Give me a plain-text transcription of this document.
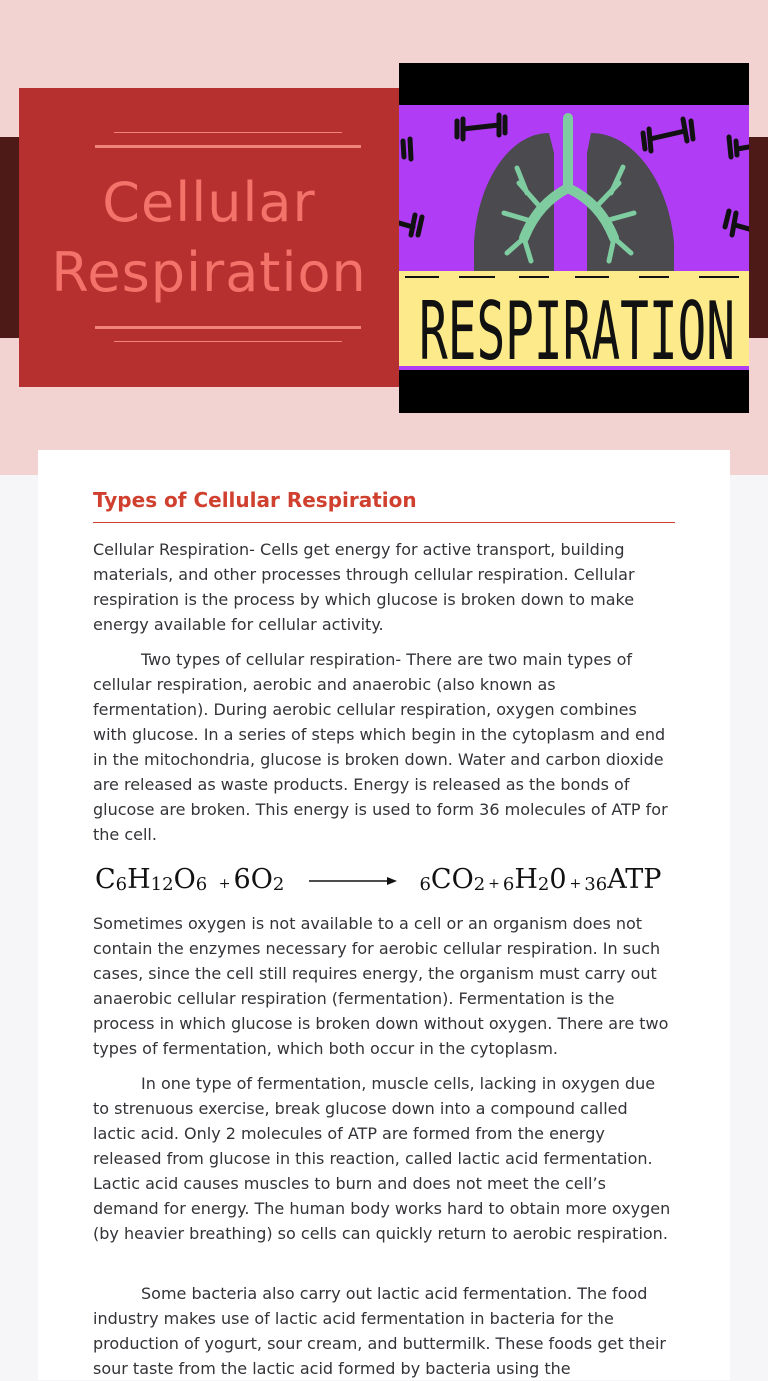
Cellular
Respiration
RESPIRATION
Types of Cellular Respiration

Cellular Respiration- Cells get energy for active transport, building materials, and other processes through cellular respiration. Cellular respiration is the process by which glucose is broken down to make energy available for cellular activity.

Two types of cellular respiration- There are two main types of cellular respiration, aerobic and anaerobic (also known as fermentation). During aerobic cellular respiration, oxygen combines with glucose. In a series of steps which begin in the cytoplasm and end in the mitochondria, glucose is broken down. Water and carbon dioxide are released as waste products. Energy is released as the bonds of glucose are broken. This energy is used to form 36 molecules of ATP for the cell.

$C_6H_{12}O_6 + 6O_2$	$_6CO_2 + _6H_20 + _{36}ATP$

Sometimes oxygen is not available to a cell or an organism does not contain the enzymes necessary for aerobic cellular respiration. In such cases, since the cell still requires energy, the organism must carry out anaerobic cellular respiration (fermentation). Fermentation is the process in which glucose is broken down without oxygen. There are two types of fermentation, which both occur in the cytoplasm.

In one type of fermentation, muscle cells, lacking in oxygen due to strenuous exercise, break glucose down into a compound called lactic acid. Only 2 molecules of ATP are formed from the energy released from glucose in this reaction, called lactic acid fermentation. Lactic acid causes muscles to burn and does not meet the cell’s demand for energy. The human body works hard to obtain more oxygen (by heavier breathing) so cells can quickly return to aerobic respiration.

Some bacteria also carry out lactic acid fermentation. The food industry makes use of lactic acid fermentation in bacteria for the production of yogurt, sour cream, and buttermilk. These foods get their sour taste from the lactic acid formed by bacteria using the
